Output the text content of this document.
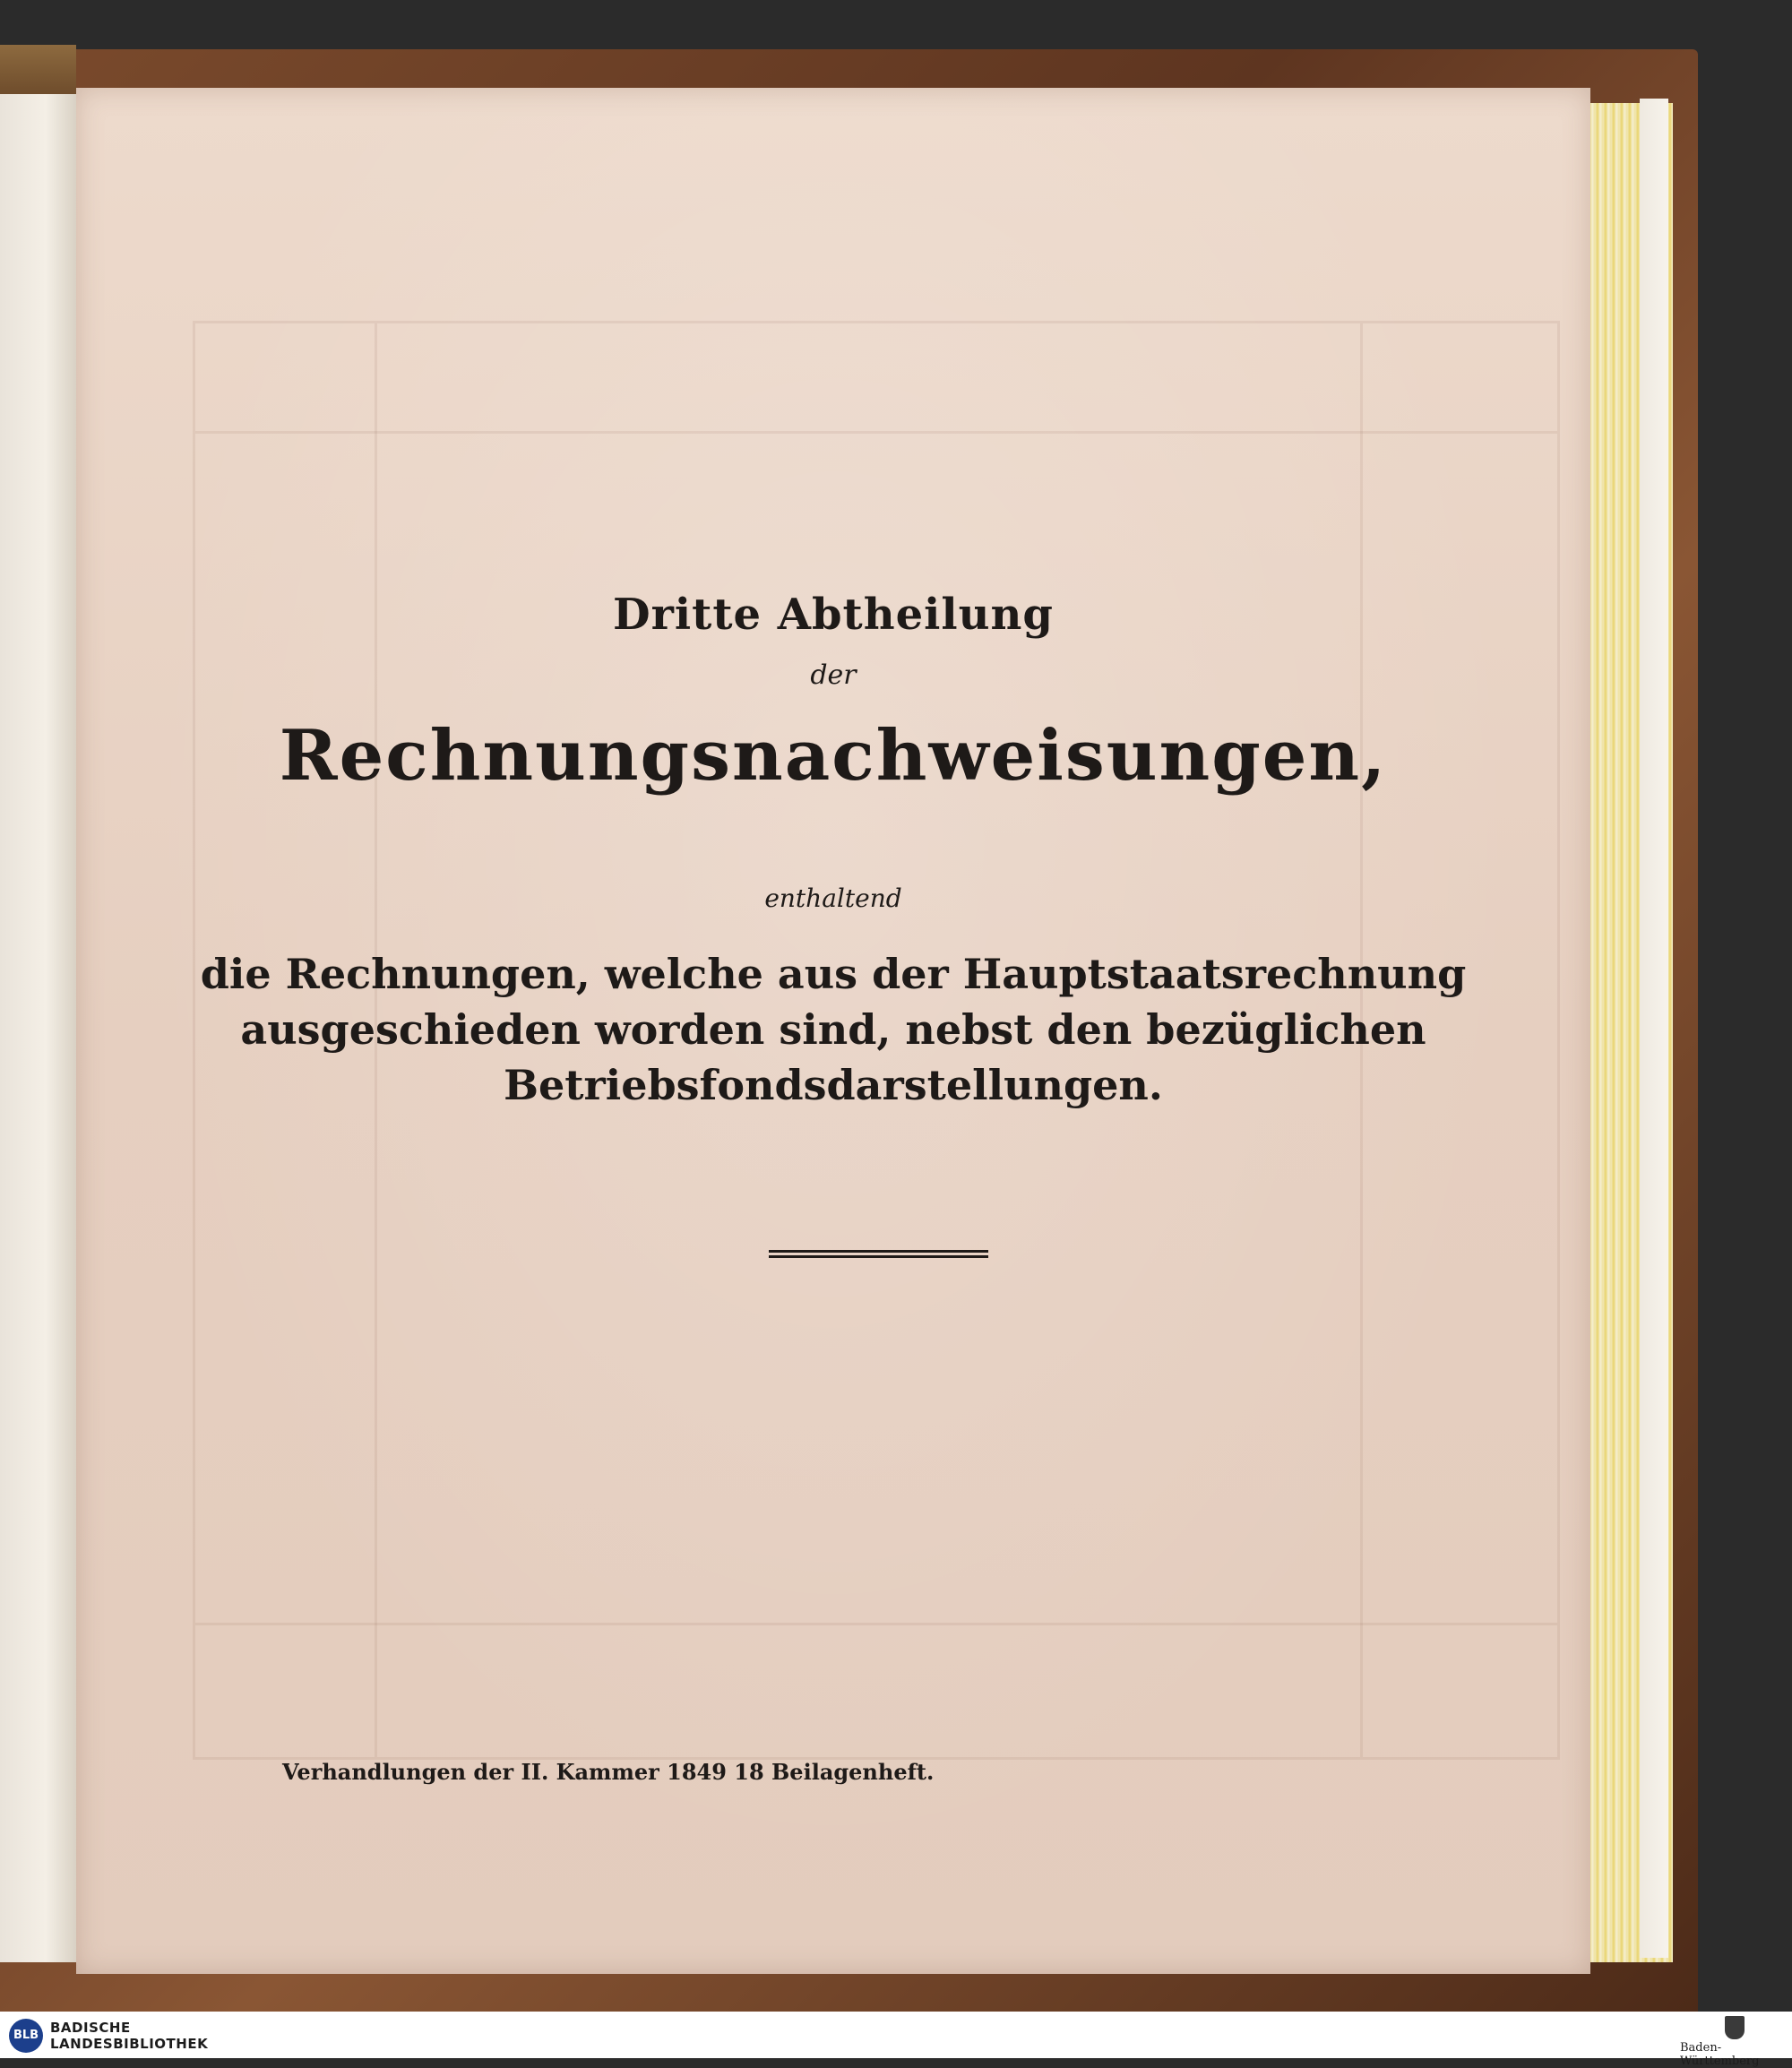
Dritte Abtheilung
der
Rechnungsnachweisungen,
enthaltend
die Rechnungen, welche aus der Hauptstaatsrechnung ausgeschieden worden sind, nebst den bezüglichen Betriebsfondsdarstellungen.
Verhandlungen der II. Kammer 1849 18 Beilagenheft.
BLB BADISCHE
LANDESBIBLIOTHEK	Baden-Württemberg
